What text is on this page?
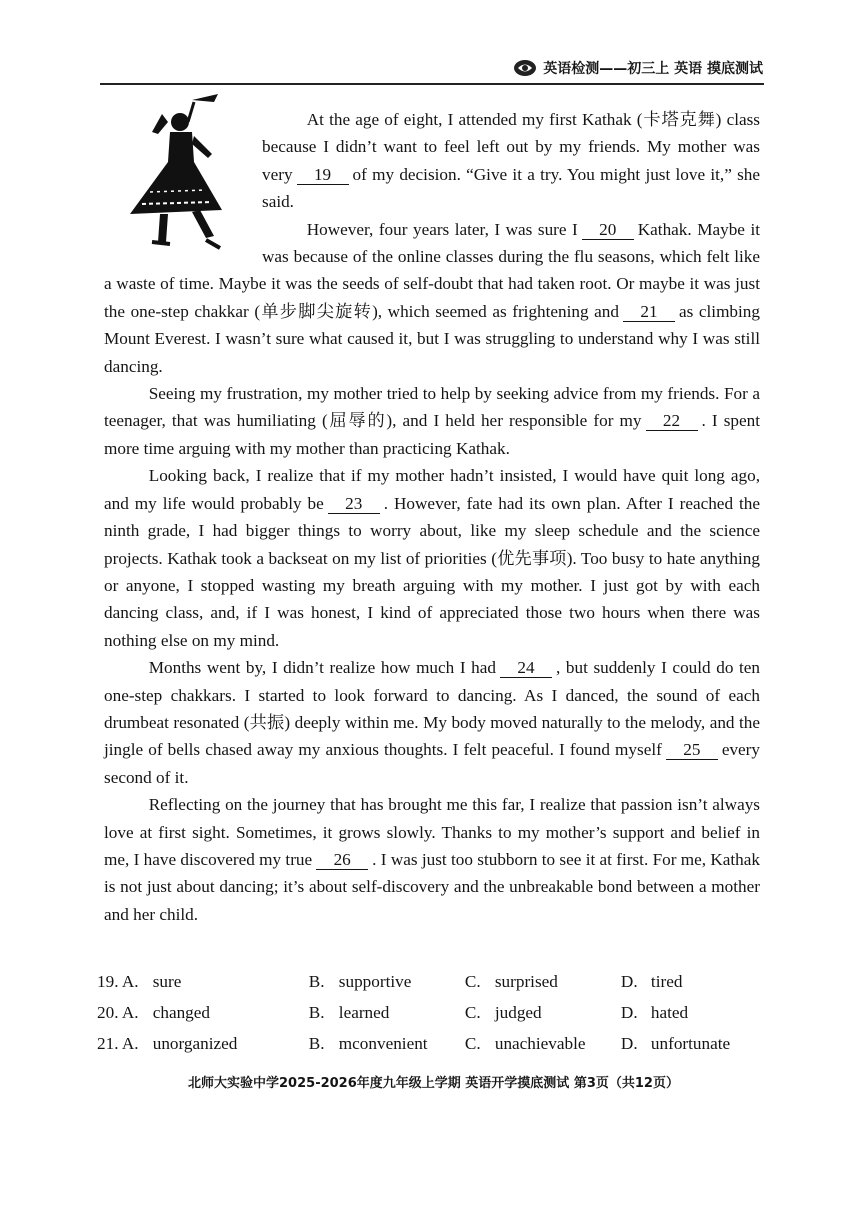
英语检测——初三上 英语 摸底测试

At the age of eight, I attended my first Kathak (卡塔克舞) class because I didn’t want to feel left out by my friends. My mother was very 19 of my decision. “Give it a try. You might just love it,” she said.

However, four years later, I was sure I 20 Kathak. Maybe it was because of the online classes during the flu seasons, which felt like a waste of time. Maybe it was the seeds of self-doubt that had taken root. Or maybe it was just the one-step chakkar (单步脚尖旋转), which seemed as frightening and 21 as climbing Mount Everest. I wasn’t sure what caused it, but I was struggling to understand why I was still dancing.

Seeing my frustration, my mother tried to help by seeking advice from my friends. For a teenager, that was humiliating (屈辱的), and I held her responsible for my 22 . I spent more time arguing with my mother than practicing Kathak.

Looking back, I realize that if my mother hadn’t insisted, I would have quit long ago, and my life would probably be 23 . However, fate had its own plan. After I reached the ninth grade, I had bigger things to worry about, like my sleep schedule and the science projects. Kathak took a backseat on my list of priorities (优先事项). Too busy to hate anything or anyone, I stopped wasting my breath arguing with my mother. I just got by with each dancing class, and, if I was honest, I kind of appreciated those two hours when there was nothing else on my mind.

Months went by, I didn’t realize how much I had 24 , but suddenly I could do ten one-step chakkars. I started to look forward to dancing. As I danced, the sound of each drumbeat resonated (共振) deeply within me. My body moved naturally to the melody, and the jingle of bells chased away my anxious thoughts. I felt peaceful. I found myself 25 every second of it.

Reflecting on the journey that has brought me this far, I realize that passion isn’t always love at first sight. Sometimes, it grows slowly. Thanks to my mother’s support and belief in me, I have discovered my true 26 . I was just too stubborn to see it at first. For me, Kathak is not just about dancing; it’s about self-discovery and the unbreakable bond between a mother and her child.

19. A. sure	B. supportive	C. surprised	D. tired
20. A. changed	B. learned	C. judged	D. hated
21. A. unorganized	B. mconvenient C. unachievable D. unfortunate
北师大实验中学2025-2026年度九年级上学期 英语开学摸底测试 第3页（共12页）
